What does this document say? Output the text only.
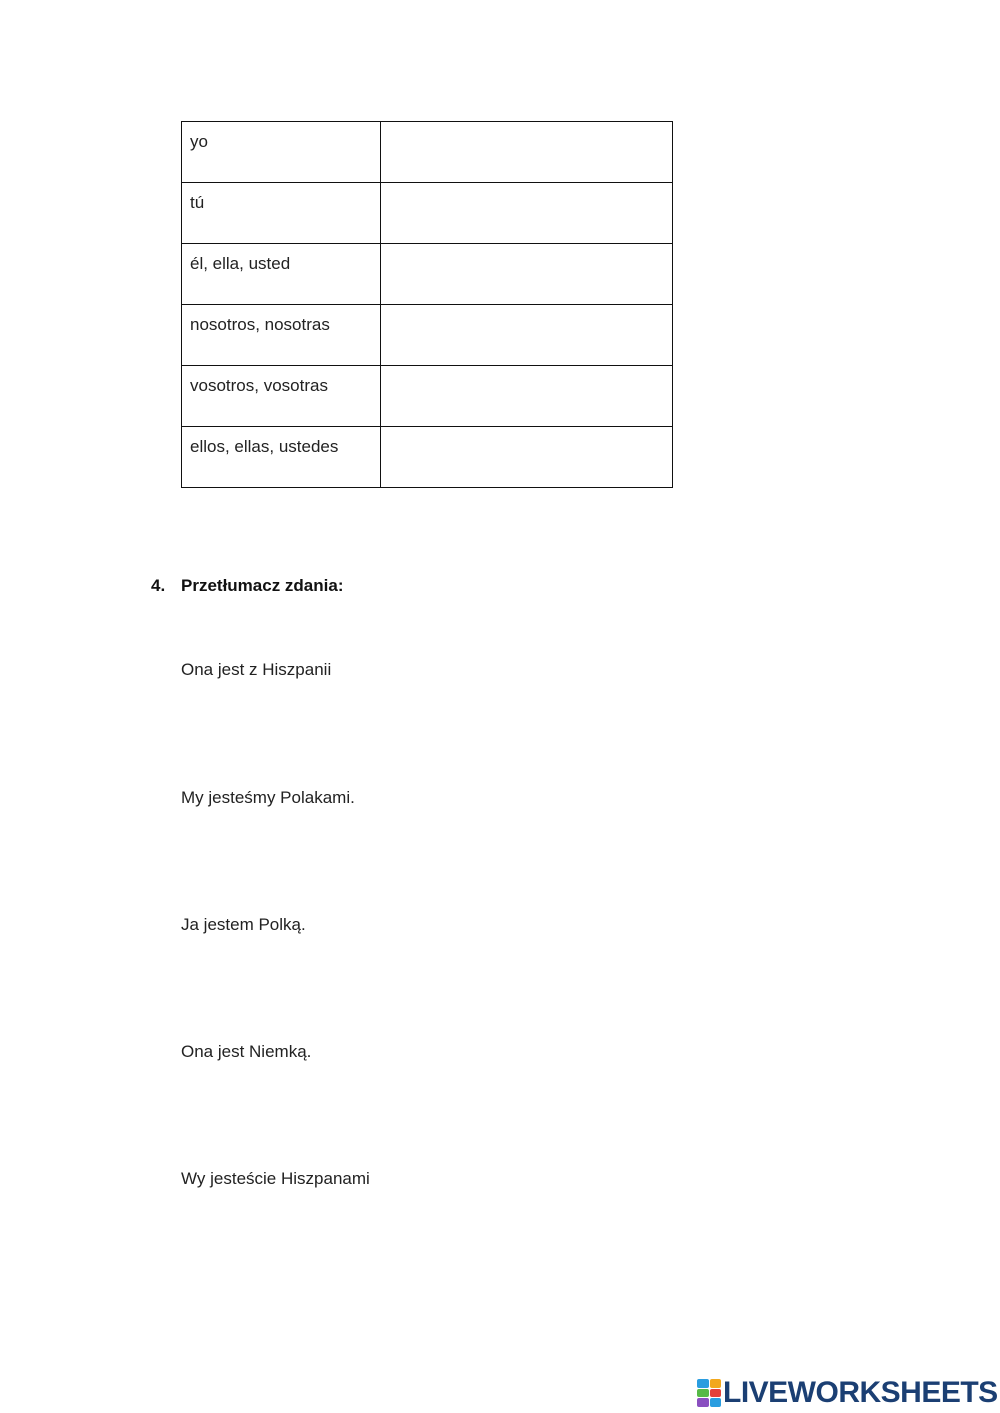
yo	

tú	

él, ella, usted	

nosotros, nosotras	

vosotros, vosotras	

ellos, ellas, ustedes	

4. Przetłumacz zdania:
Ona jest z Hiszpanii
My jesteśmy Polakami.
Ja jestem Polką.
Ona jest Niemką.
Wy jesteście Hiszpanami
LIVEWORKSHEETS
